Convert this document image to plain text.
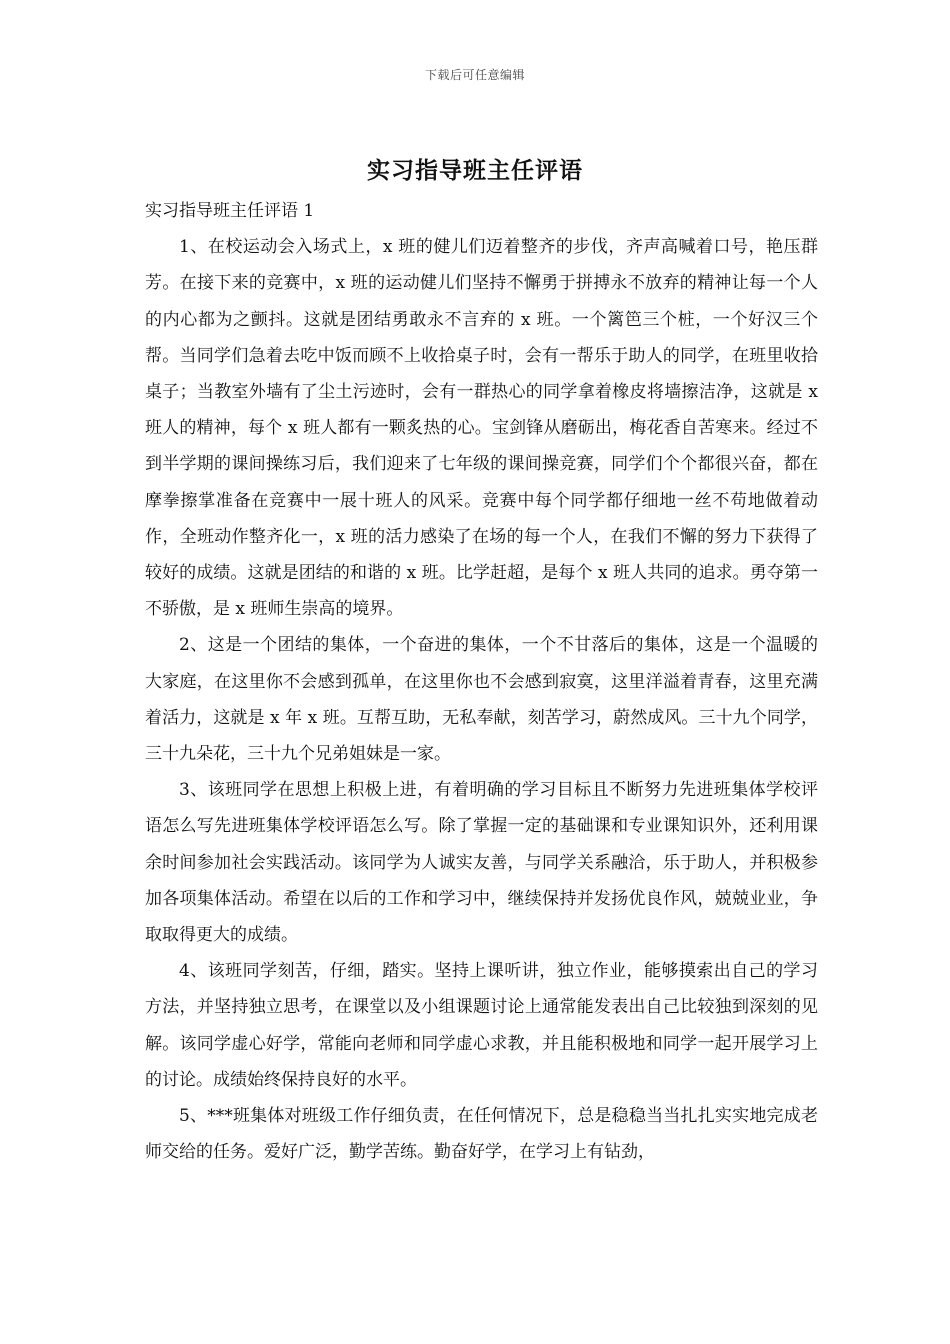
下载后可任意编辑
实习指导班主任评语

实习指导班主任评语 1

1、在校运动会入场式上，x 班的健儿们迈着整齐的步伐，齐声高喊着口号，艳压群芳。在接下来的竞赛中，x 班的运动健儿们坚持不懈勇于拼搏永不放弃的精神让每一个人的内心都为之颤抖。这就是团结勇敢永不言弃的 x 班。一个篱笆三个桩，一个好汉三个帮。当同学们急着去吃中饭而顾不上收拾桌子时，会有一帮乐于助人的同学，在班里收拾桌子；当教室外墙有了尘土污迹时，会有一群热心的同学拿着橡皮将墙擦洁净，这就是 x 班人的精神，每个 x 班人都有一颗炙热的心。宝剑锋从磨砺出，梅花香自苦寒来。经过不到半学期的课间操练习后，我们迎来了七年级的课间操竞赛，同学们个个都很兴奋，都在摩拳擦掌准备在竞赛中一展十班人的风采。竞赛中每个同学都仔细地一丝不苟地做着动作，全班动作整齐化一，x 班的活力感染了在场的每一个人，在我们不懈的努力下获得了较好的成绩。这就是团结的和谐的 x 班。比学赶超，是每个 x 班人共同的追求。勇夺第一不骄傲，是 x 班师生崇高的境界。

2、这是一个团结的集体，一个奋进的集体，一个不甘落后的集体，这是一个温暖的大家庭，在这里你不会感到孤单，在这里你也不会感到寂寞，这里洋溢着青春，这里充满着活力，这就是 x 年 x 班。互帮互助，无私奉献，刻苦学习，蔚然成风。三十九个同学，三十九朵花，三十九个兄弟姐妹是一家。

3、该班同学在思想上积极上进，有着明确的学习目标且不断努力先进班集体学校评语怎么写先进班集体学校评语怎么写。除了掌握一定的基础课和专业课知识外，还利用课余时间参加社会实践活动。该同学为人诚实友善，与同学关系融洽，乐于助人，并积极参加各项集体活动。希望在以后的工作和学习中，继续保持并发扬优良作风，兢兢业业，争取取得更大的成绩。

4、该班同学刻苦，仔细，踏实。坚持上课听讲，独立作业，能够摸索出自己的学习方法，并坚持独立思考，在课堂以及小组课题讨论上通常能发表出自己比较独到深刻的见解。该同学虚心好学，常能向老师和同学虚心求教，并且能积极地和同学一起开展学习上的讨论。成绩始终保持良好的水平。

5、***班集体对班级工作仔细负责，在任何情况下，总是稳稳当当扎扎实实地完成老师交给的任务。爱好广泛，勤学苦练。勤奋好学，在学习上有钻劲，
